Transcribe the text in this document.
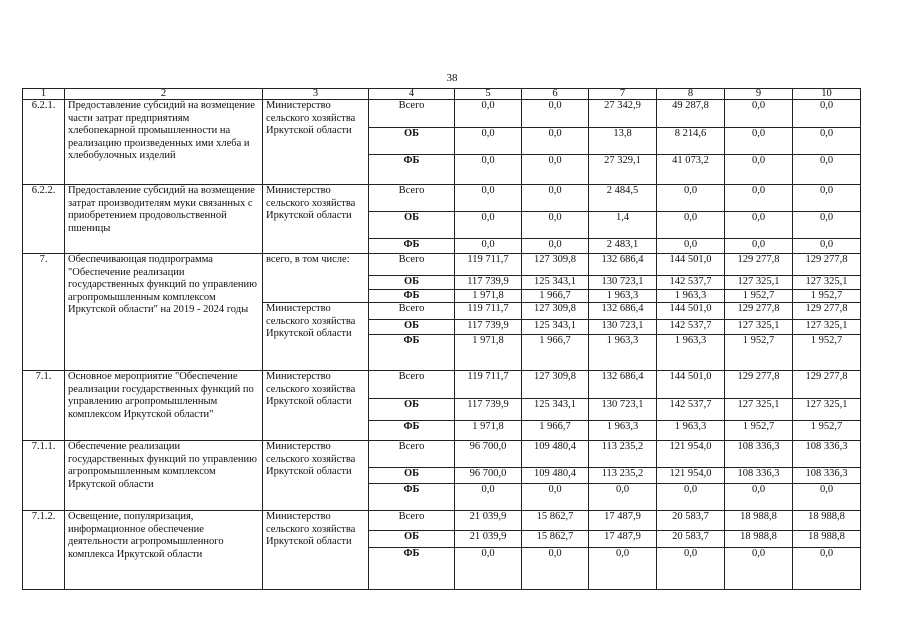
38
1	2	3	4	5	6	7	8	9	10
6.2.1.	Предоставление субсидий на возмещение части затрат предприятиям хлебопекарной промышленности на реализацию произведенных ими хлеба и хлебобулочных изделий	Министерство сельского хозяйства Иркутской области	Всего	0,0	0,0	27 342,9	49 287,8	0,0	0,0
			ОБ	0,0	0,0	13,8	8 214,6	0,0	0,0
			ФБ	0,0	0,0	27 329,1	41 073,2	0,0	0,0

6.2.2.	Предоставление субсидий на возмещение затрат производителям муки связанных с приобретением продовольственной пшеницы	Министерство сельского хозяйства Иркутской области	Всего	0,0	0,0	2 484,5	0,0	0,0	0,0
			ОБ	0,0	0,0	1,4	0,0	0,0	0,0
			ФБ	0,0	0,0	2 483,1	0,0	0,0	0,0
7.	Обеспечивающая подпрограмма "Обеспечение реализации государственных функций по управлению агропромышленным комплексом Иркутской области" на 2019 - 2024 годы	всего, в том числе:	Всего	119 711,7	127 309,8	132 686,4	144 501,0	129 277,8	129 277,8
			ОБ	117 739,9	125 343,1	130 723,1	142 537,7	127 325,1	127 325,1
			ФБ	1 971,8	1 966,7	1 963,3	1 963,3	1 952,7	1 952,7
		Министерство сельского хозяйства Иркутской области	Всего	119 711,7	127 309,8	132 686,4	144 501,0	129 277,8	129 277,8
			ОБ	117 739,9	125 343,1	130 723,1	142 537,7	127 325,1	127 325,1
			ФБ	1 971,8	1 966,7	1 963,3	1 963,3	1 952,7	1 952,7

7.1.	Основное мероприятие "Обеспечение реализации государственных функций по управлению агропромышленным комплексом Иркутской области"	Министерство сельского хозяйства Иркутской области	Всего	119 711,7	127 309,8	132 686,4	144 501,0	129 277,8	129 277,8
			ОБ	117 739,9	125 343,1	130 723,1	142 537,7	127 325,1	127 325,1
			ФБ	1 971,8	1 966,7	1 963,3	1 963,3	1 952,7	1 952,7
7.1.1.	Обеспечение реализации государственных функций по управлению агропромышленным комплексом Иркутской области	Министерство сельского хозяйства Иркутской области	Всего	96 700,0	109 480,4	113 235,2	121 954,0	108 336,3	108 336,3
			ОБ	96 700,0	109 480,4	113 235,2	121 954,0	108 336,3	108 336,3
			ФБ	0,0	0,0	0,0	0,0	0,0	0,0

7.1.2.	Освещение, популяризация, информационное обеспечение деятельности агропромышленного комплекса Иркутской области	Министерство сельского хозяйства Иркутской области	Всего	21 039,9	15 862,7	17 487,9	20 583,7	18 988,8	18 988,8
			ОБ	21 039,9	15 862,7	17 487,9	20 583,7	18 988,8	18 988,8
			ФБ	0,0	0,0	0,0	0,0	0,0	0,0
